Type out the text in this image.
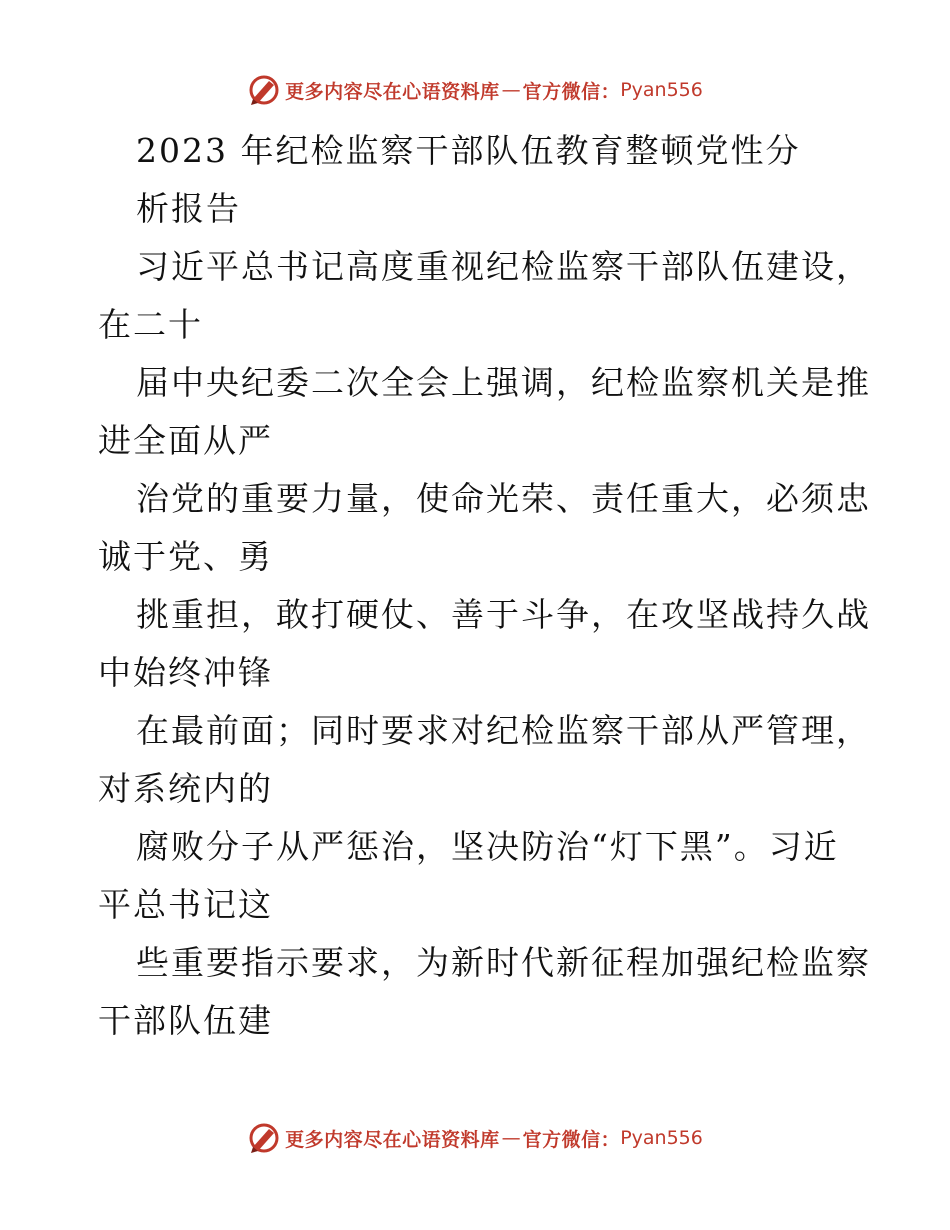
更多内容尽在心语资料库 — 官方微信： Pyan556
2023 年纪检监察干部队伍教育整顿党性分
析报告
习近平总书记高度重视纪检监察干部队伍建设，
在二十
届中央纪委二次全会上强调，纪检监察机关是推
进全面从严
治党的重要力量，使命光荣、责任重大，必须忠
诚于党、勇
挑重担，敢打硬仗、善于斗争，在攻坚战持久战
中始终冲锋
在最前面；同时要求对纪检监察干部从严管理，
对系统内的
腐败分子从严惩治，坚决防治“灯下黑”。习近
平总书记这
些重要指示要求，为新时代新征程加强纪检监察
干部队伍建
更多内容尽在心语资料库 — 官方微信： Pyan556
